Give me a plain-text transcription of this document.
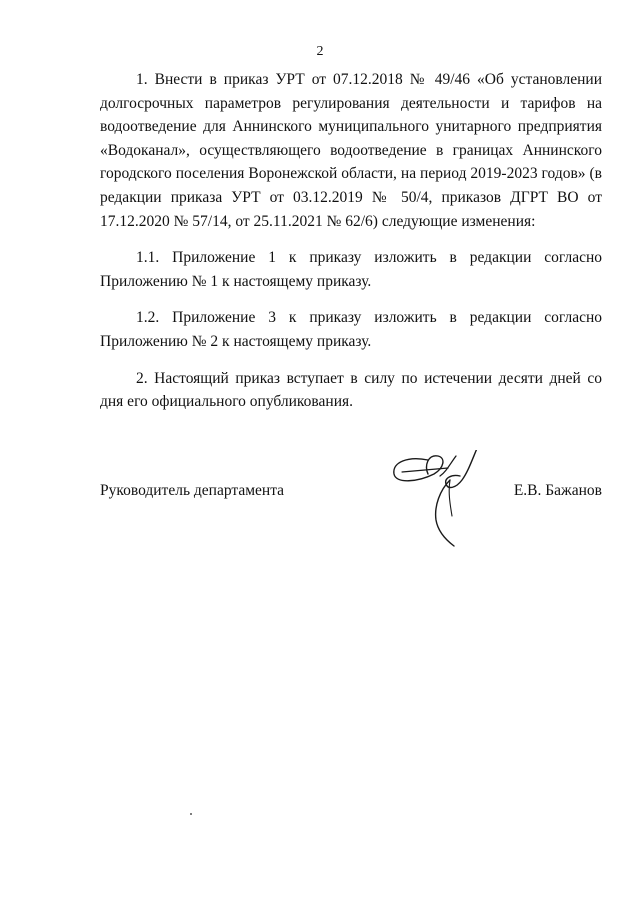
2

1. Внести в приказ УРТ от 07.12.2018 № 49/46 «Об установлении долгосрочных параметров регулирования деятельности и тарифов на водоотведение для Аннинского муниципального унитарного предприятия «Водоканал», осуществляющего водоотведение в границах Аннинского городского поселения Воронежской области, на период 2019-2023 годов» (в редакции приказа УРТ от 03.12.2019 № 50/4, приказов ДГРТ ВО от 17.12.2020 № 57/14, от 25.11.2021 № 62/6) следующие изменения:

1.1. Приложение 1 к приказу изложить в редакции согласно Приложению № 1 к настоящему приказу.

1.2. Приложение 3 к приказу изложить в редакции согласно Приложению № 2 к настоящему приказу.

2. Настоящий приказ вступает в силу по истечении десяти дней со дня его официального опубликования.

Руководитель департамента	Е.В. Бажанов
